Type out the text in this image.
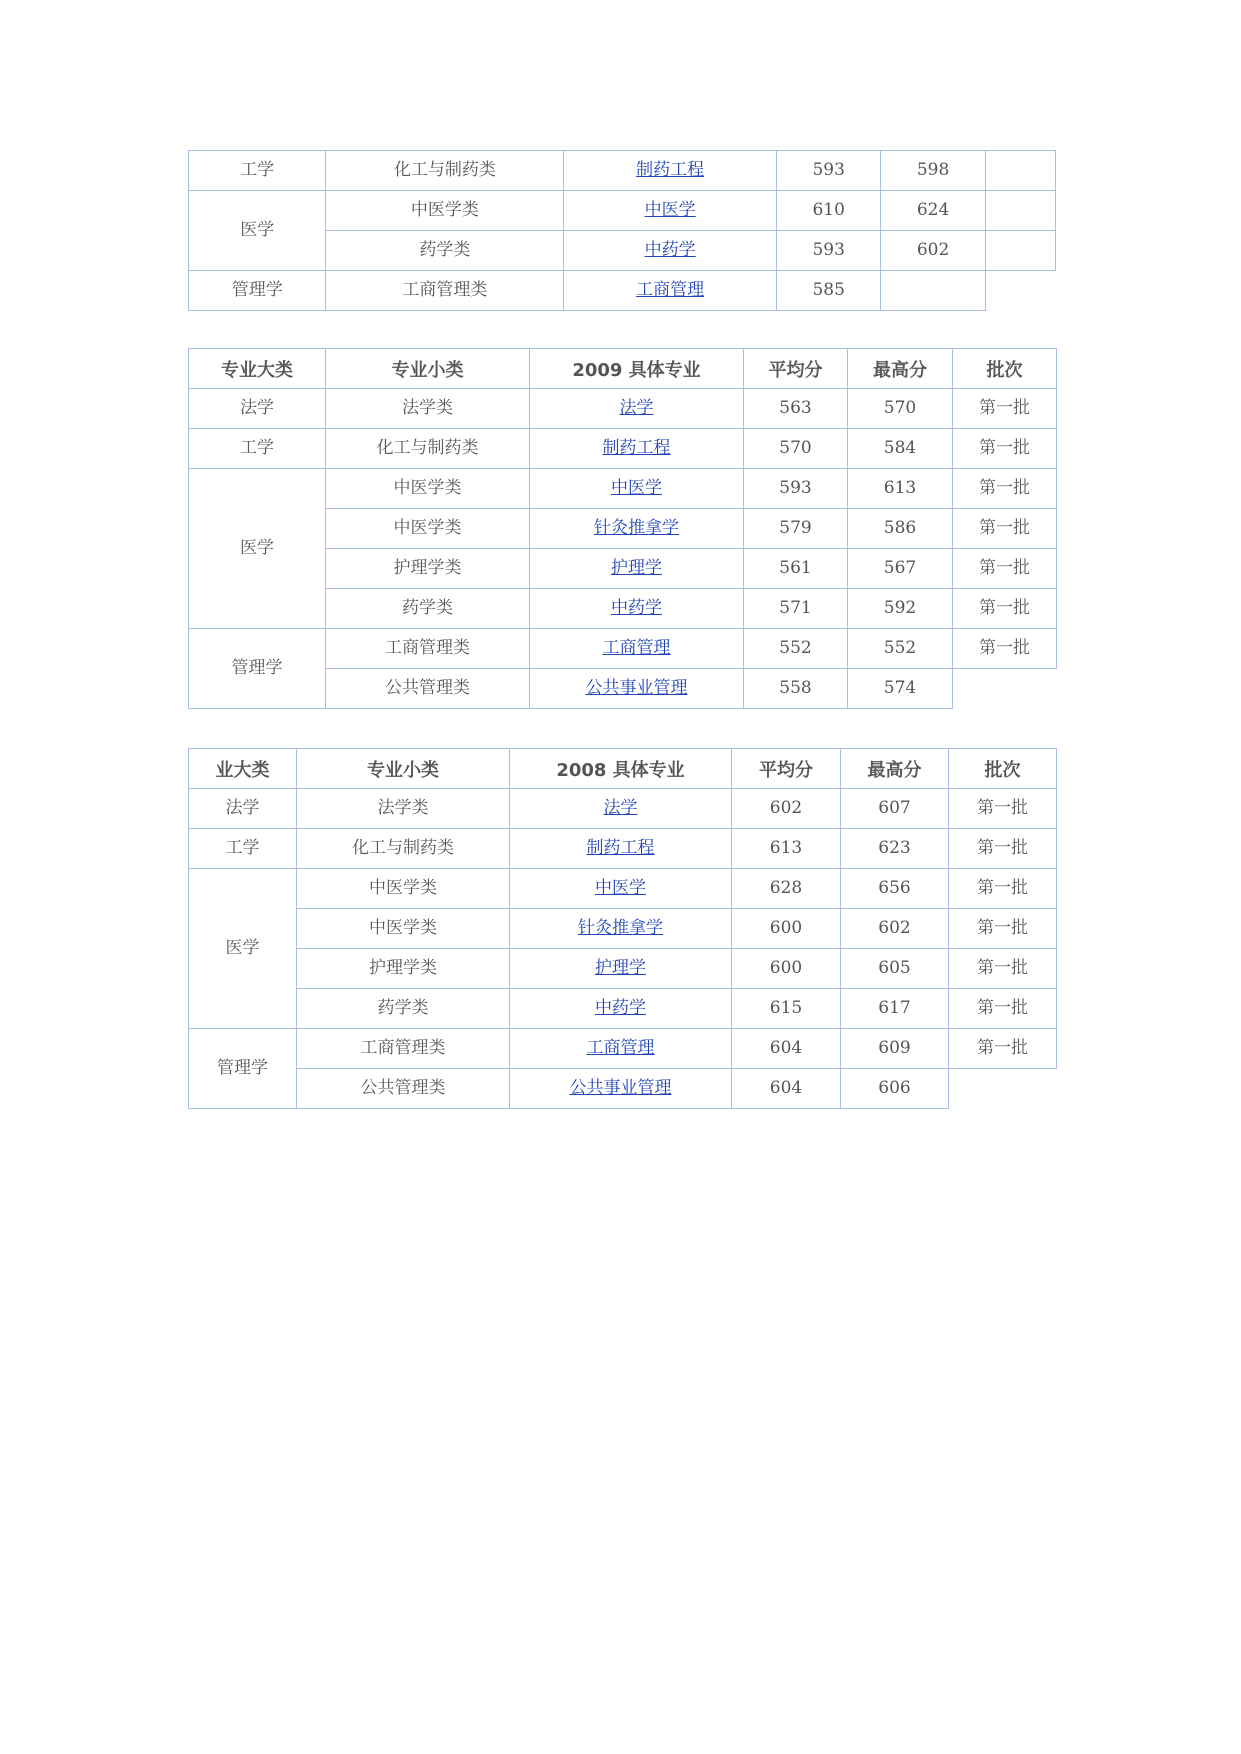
工学	化工与制药类	制药工程	593	598	
医学	中医学类	中医学	610	624	
	药学类	中药学	593	602	
管理学	工商管理类	工商管理	585		
专业大类	专业小类	2009 具体专业	平均分	最高分	批次
法学	法学类	法学	563	570	第一批
工学	化工与制药类	制药工程	570	584	第一批
医学	中医学类	中医学	593	613	第一批
	中医学类	针灸推拿学	579	586	第一批
	护理学类	护理学	561	567	第一批
	药学类	中药学	571	592	第一批
管理学	工商管理类	工商管理	552	552	第一批
	公共管理类	公共事业管理	558	574	
业大类	专业小类	2008 具体专业	平均分	最高分	批次
法学	法学类	法学	602	607	第一批
工学	化工与制药类	制药工程	613	623	第一批
医学	中医学类	中医学	628	656	第一批
	中医学类	针灸推拿学	600	602	第一批
	护理学类	护理学	600	605	第一批
	药学类	中药学	615	617	第一批
管理学	工商管理类	工商管理	604	609	第一批
	公共管理类	公共事业管理	604	606	
